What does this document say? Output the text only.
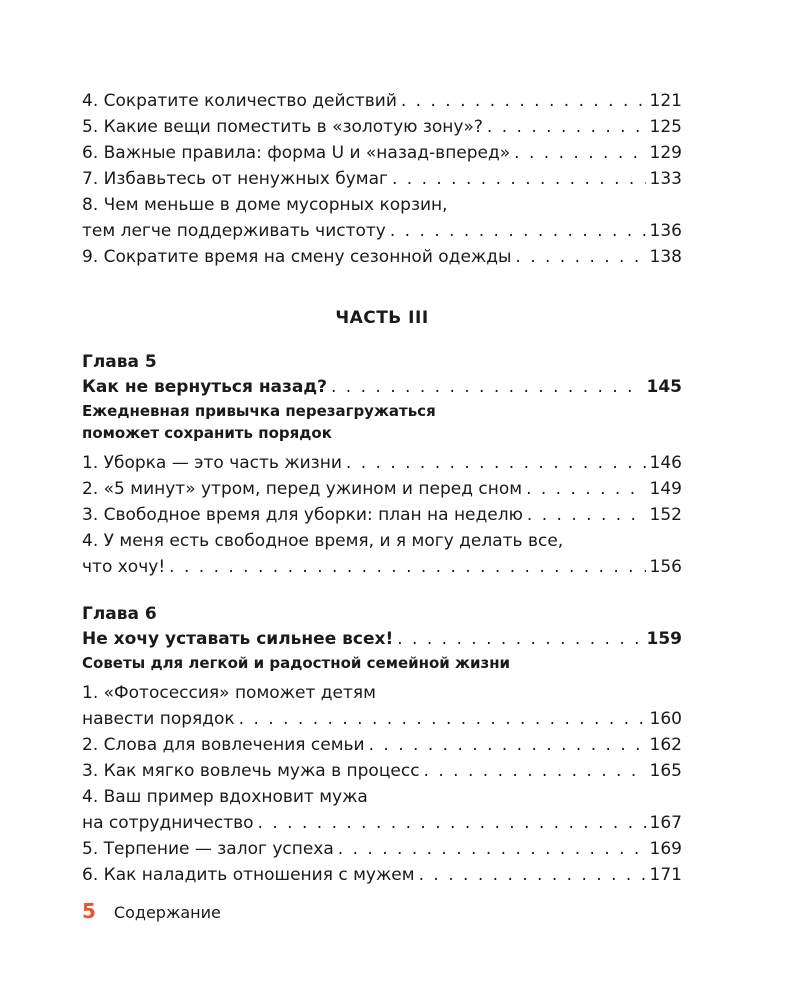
4. Сократите количество действий . . .	121
5. Какие вещи поместить в «золотую зону»? . . .	125
6. Важные правила: форма U и «назад-вперед» . . .	129
7. Избавьтесь от ненужных бумаг . . .	133
8. Чем меньше в доме мусорных корзин,
тем легче поддерживать чистоту . . .	136
9. Сократите время на смену сезонной одежды . . .	138
ЧАСТЬ III
Глава 5
Как не вернуться назад? . . .	145
Ежедневная привычка перезагружаться
поможет сохранить порядок
1. Уборка — это часть жизни . . .	146
2. «5 минут» утром, перед ужином и перед сном . . .	149
3. Свободное время для уборки: план на неделю . . .	152
4. У меня есть свободное время, и я могу делать все,
что хочу! . . .	156
Глава 6
Не хочу уставать сильнее всех! . . .	159
Советы для легкой и радостной семейной жизни
1. «Фотосессия» поможет детям
навести порядок . . .	160
2. Слова для вовлечения семьи . . .	162
3. Как мягко вовлечь мужа в процесс . . .	165
4. Ваш пример вдохновит мужа
на сотрудничество . . .	167
5. Терпение — залог успеха . . .	169
6. Как наладить отношения с мужем . . .	171
5 Содержание
